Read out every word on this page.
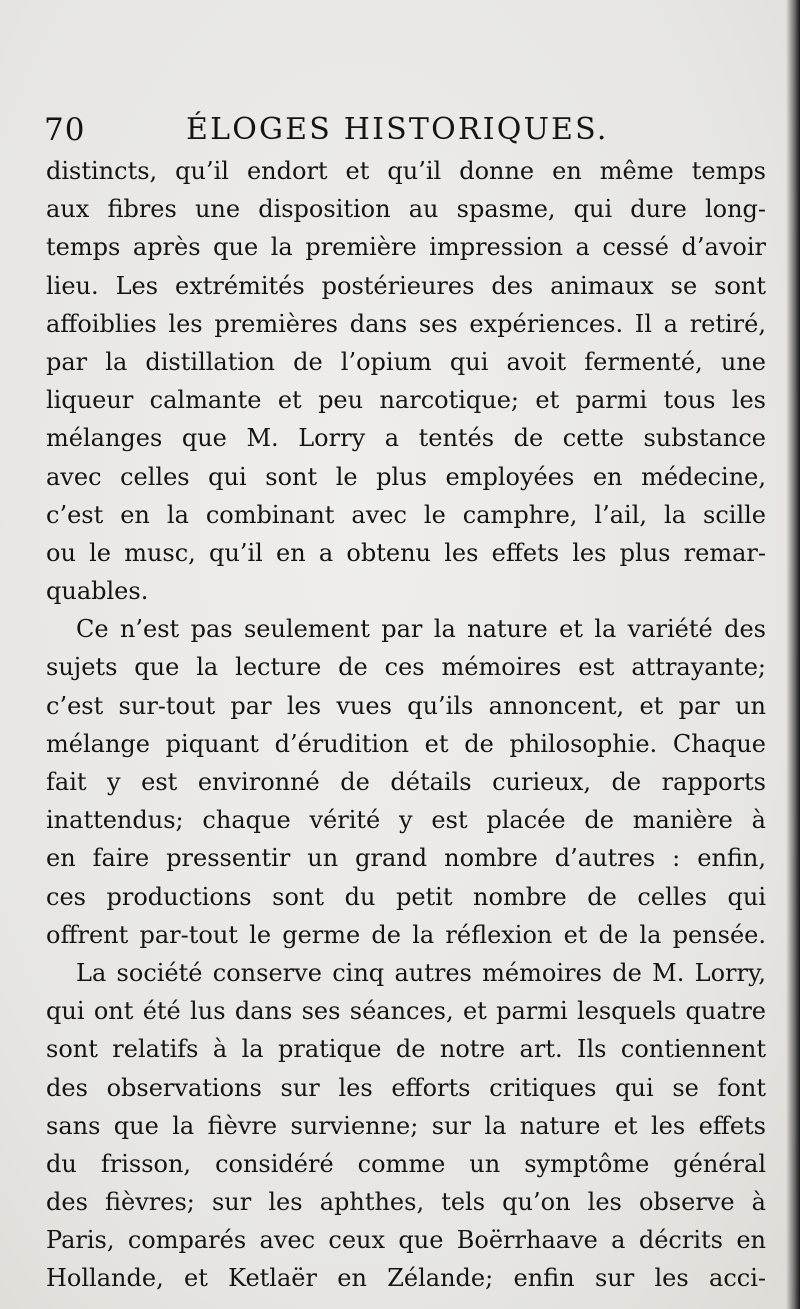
70	ÉLOGES HISTORIQUES.
distincts, qu’il endort et qu’il donne en même temps
aux fibres une disposition au spasme, qui dure long-
temps après que la première impression a cessé d’avoir
lieu. Les extrémités postérieures des animaux se sont
affoiblies les premières dans ses expériences. Il a retiré,
par la distillation de l’opium qui avoit fermenté, une
liqueur calmante et peu narcotique; et parmi tous les
mélanges que M. Lorry a tentés de cette substance
avec celles qui sont le plus employées en médecine,
c’est en la combinant avec le camphre, l’ail, la scille
ou le musc, qu’il en a obtenu les effets les plus remar-
quables.
Ce n’est pas seulement par la nature et la variété des
sujets que la lecture de ces mémoires est attrayante;
c’est sur-tout par les vues qu’ils annoncent, et par un
mélange piquant d’érudition et de philosophie. Chaque
fait y est environné de détails curieux, de rapports
inattendus; chaque vérité y est placée de manière à
en faire pressentir un grand nombre d’autres : enfin,
ces productions sont du petit nombre de celles qui
offrent par-tout le germe de la réflexion et de la pensée.
La société conserve cinq autres mémoires de M. Lorry,
qui ont été lus dans ses séances, et parmi lesquels quatre
sont relatifs à la pratique de notre art. Ils contiennent
des observations sur les efforts critiques qui se font
sans que la fièvre survienne; sur la nature et les effets
du frisson, considéré comme un symptôme général
des fièvres; sur les aphthes, tels qu’on les observe à
Paris, comparés avec ceux que Boërrhaave a décrits en
Hollande, et Ketlaër en Zélande; enfin sur les acci-
